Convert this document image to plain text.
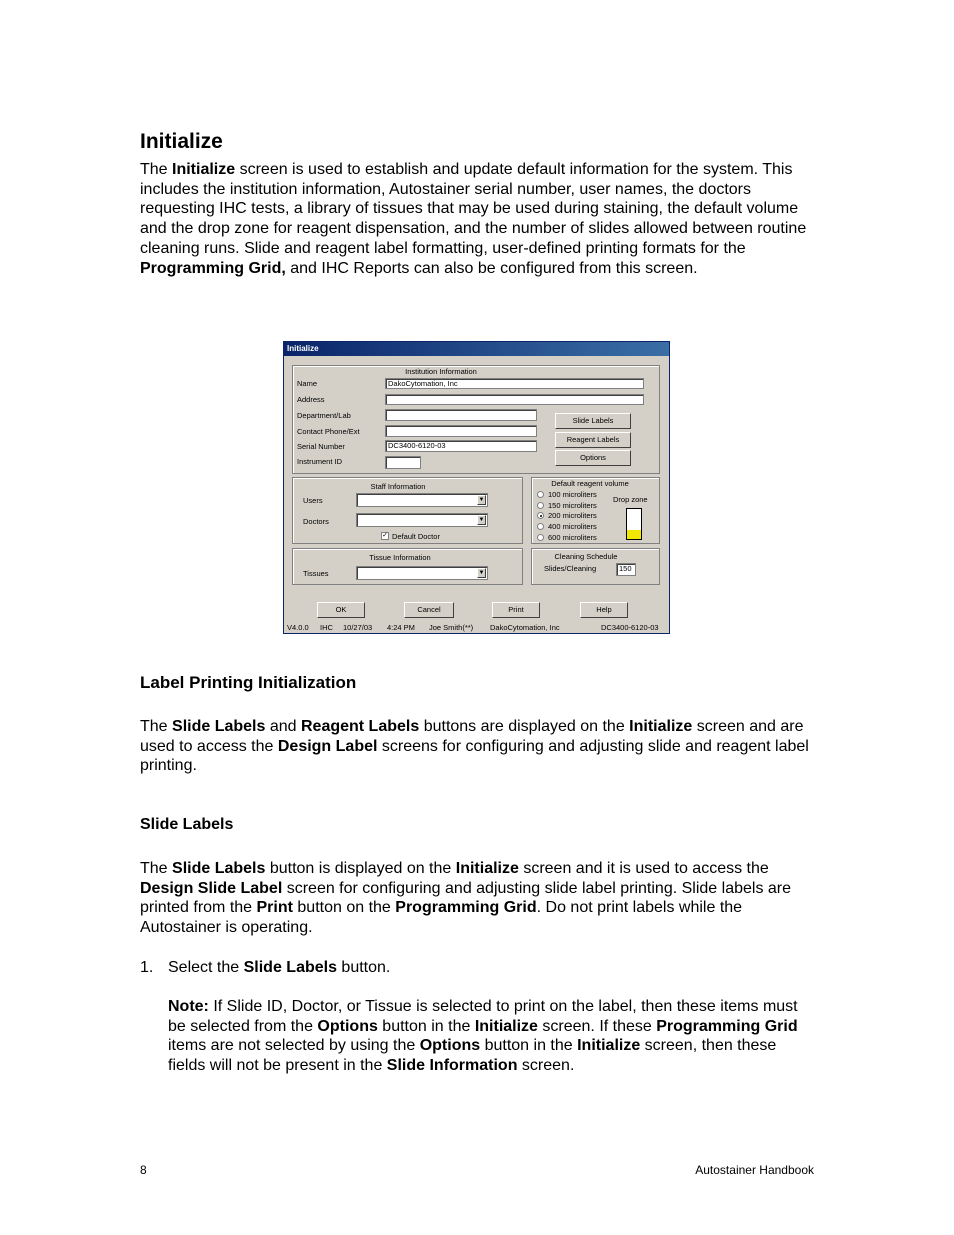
Initialize
The Initialize screen is used to establish and update default information for the system. This includes the institution information, Autostainer serial number, user names, the doctors requesting IHC tests, a library of tissues that may be used during staining, the default volume and the drop zone for reagent dispensation, and the number of slides allowed between routine cleaning runs. Slide and reagent label formatting, user-defined printing formats for the Programming Grid, and IHC Reports can also be configured from this screen.
Initialize
Institution Information
Name	DakoCytomation, Inc
Address
Department/Lab
Contact Phone/Ext
Serial Number	DC3400-6120-03
Instrument ID
Slide Labels
Reagent Labels
Options
Staff Information
Users	▼
Doctors	▼
✓ Default Doctor
Default reagent volume
100 microliters
150 microliters
200 microliters
400 microliters
600 microliters
Drop zone
Tissue Information
Tissues	▼
Cleaning Schedule
Slides/Cleaning	150
OK	Cancel	Print	Help
V4.0.0 IHC 10/27/03 4:24 PM Joe Smith(**) DakoCytomation, Inc	DC3400-6120-03
Label Printing Initialization
The Slide Labels and Reagent Labels buttons are displayed on the Initialize screen and are used to access the Design Label screens for configuring and adjusting slide and reagent label printing.
Slide Labels
The Slide Labels button is displayed on the Initialize screen and it is used to access the Design Slide Label screen for configuring and adjusting slide label printing. Slide labels are printed from the Print button on the Programming Grid. Do not print labels while the Autostainer is operating.
1. Select the Slide Labels button.
Note: If Slide ID, Doctor, or Tissue is selected to print on the label, then these items must be selected from the Options button in the Initialize screen. If these Programming Grid items are not selected by using the Options button in the Initialize screen, then these fields will not be present in the Slide Information screen.
8	Autostainer Handbook
